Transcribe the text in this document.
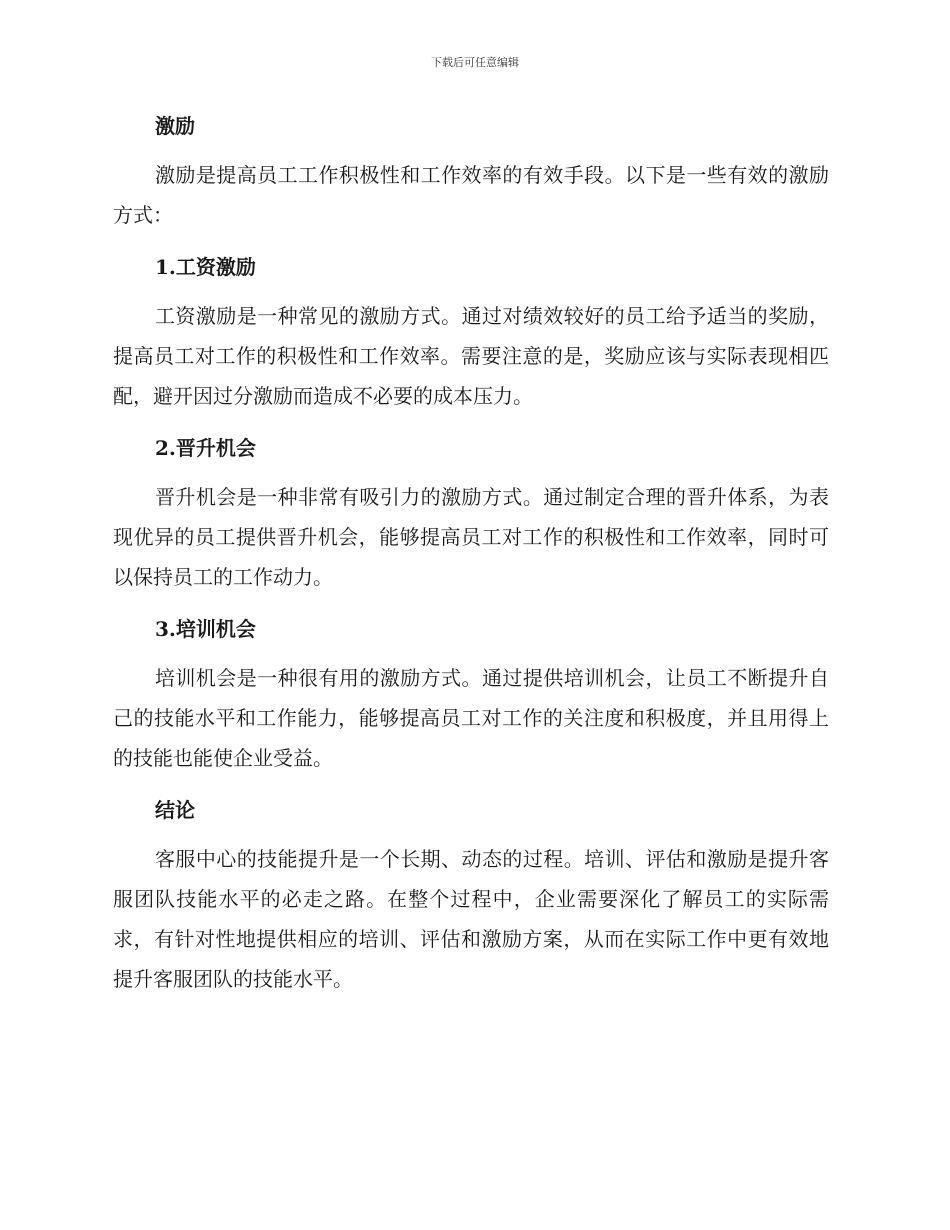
下载后可任意编辑
激励

激励是提高员工工作积极性和工作效率的有效手段。以下是一些有效的激励方式：

1.工资激励

工资激励是一种常见的激励方式。通过对绩效较好的员工给予适当的奖励，提高员工对工作的积极性和工作效率。需要注意的是，奖励应该与实际表现相匹配，避开因过分激励而造成不必要的成本压力。

2.晋升机会

晋升机会是一种非常有吸引力的激励方式。通过制定合理的晋升体系，为表现优异的员工提供晋升机会，能够提高员工对工作的积极性和工作效率，同时可以保持员工的工作动力。

3.培训机会

培训机会是一种很有用的激励方式。通过提供培训机会，让员工不断提升自己的技能水平和工作能力，能够提高员工对工作的关注度和积极度，并且用得上的技能也能使企业受益。

结论

客服中心的技能提升是一个长期、动态的过程。培训、评估和激励是提升客服团队技能水平的必走之路。在整个过程中，企业需要深化了解员工的实际需求，有针对性地提供相应的培训、评估和激励方案，从而在实际工作中更有效地提升客服团队的技能水平。
